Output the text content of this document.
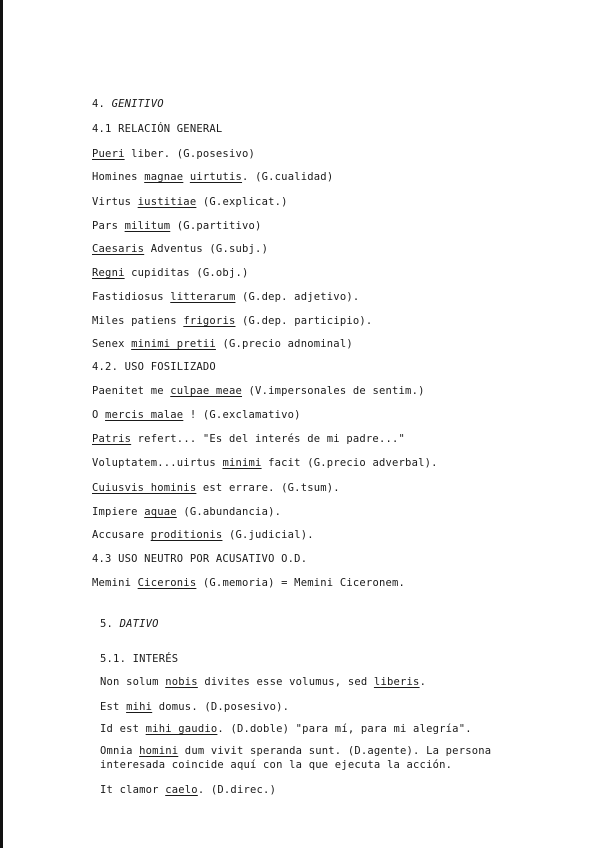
4. GENITIVO
4.1 RELACIÓN GENERAL
Pueri liber. (G.posesivo)
Homines magnae uirtutis. (G.cualidad)
Virtus iustitiae (G.explicat.)
Pars militum (G.partitivo)
Caesaris Adventus (G.subj.)
Regni cupiditas (G.obj.)
Fastidiosus litterarum (G.dep. adjetivo).
Miles patiens frigoris (G.dep. participio).
Senex minimi pretii (G.precio adnominal)
4.2. USO FOSILIZADO
Paenitet me culpae meae (V.impersonales de sentim.)
O mercis malae ! (G.exclamativo)
Patris refert... "Es del interés de mi padre..."
Voluptatem...uirtus minimi facit (G.precio adverbal).
Cuiusvis hominis est errare. (G.tsum).
Impiere aquae (G.abundancia).
Accusare proditionis (G.judicial).
4.3 USO NEUTRO POR ACUSATIVO O.D.
Memini Ciceronis (G.memoria) = Memini Ciceronem.
5. DATIVO
5.1. INTERÉS
Non solum nobis divites esse volumus, sed liberis.
Est mihi domus. (D.posesivo).
Id est mihi gaudio. (D.doble) "para mí, para mi alegría".
Omnia homini dum vivit speranda sunt. (D.agente). La persona
interesada coincide aquí con la que ejecuta la acción.
It clamor caelo. (D.direc.)
